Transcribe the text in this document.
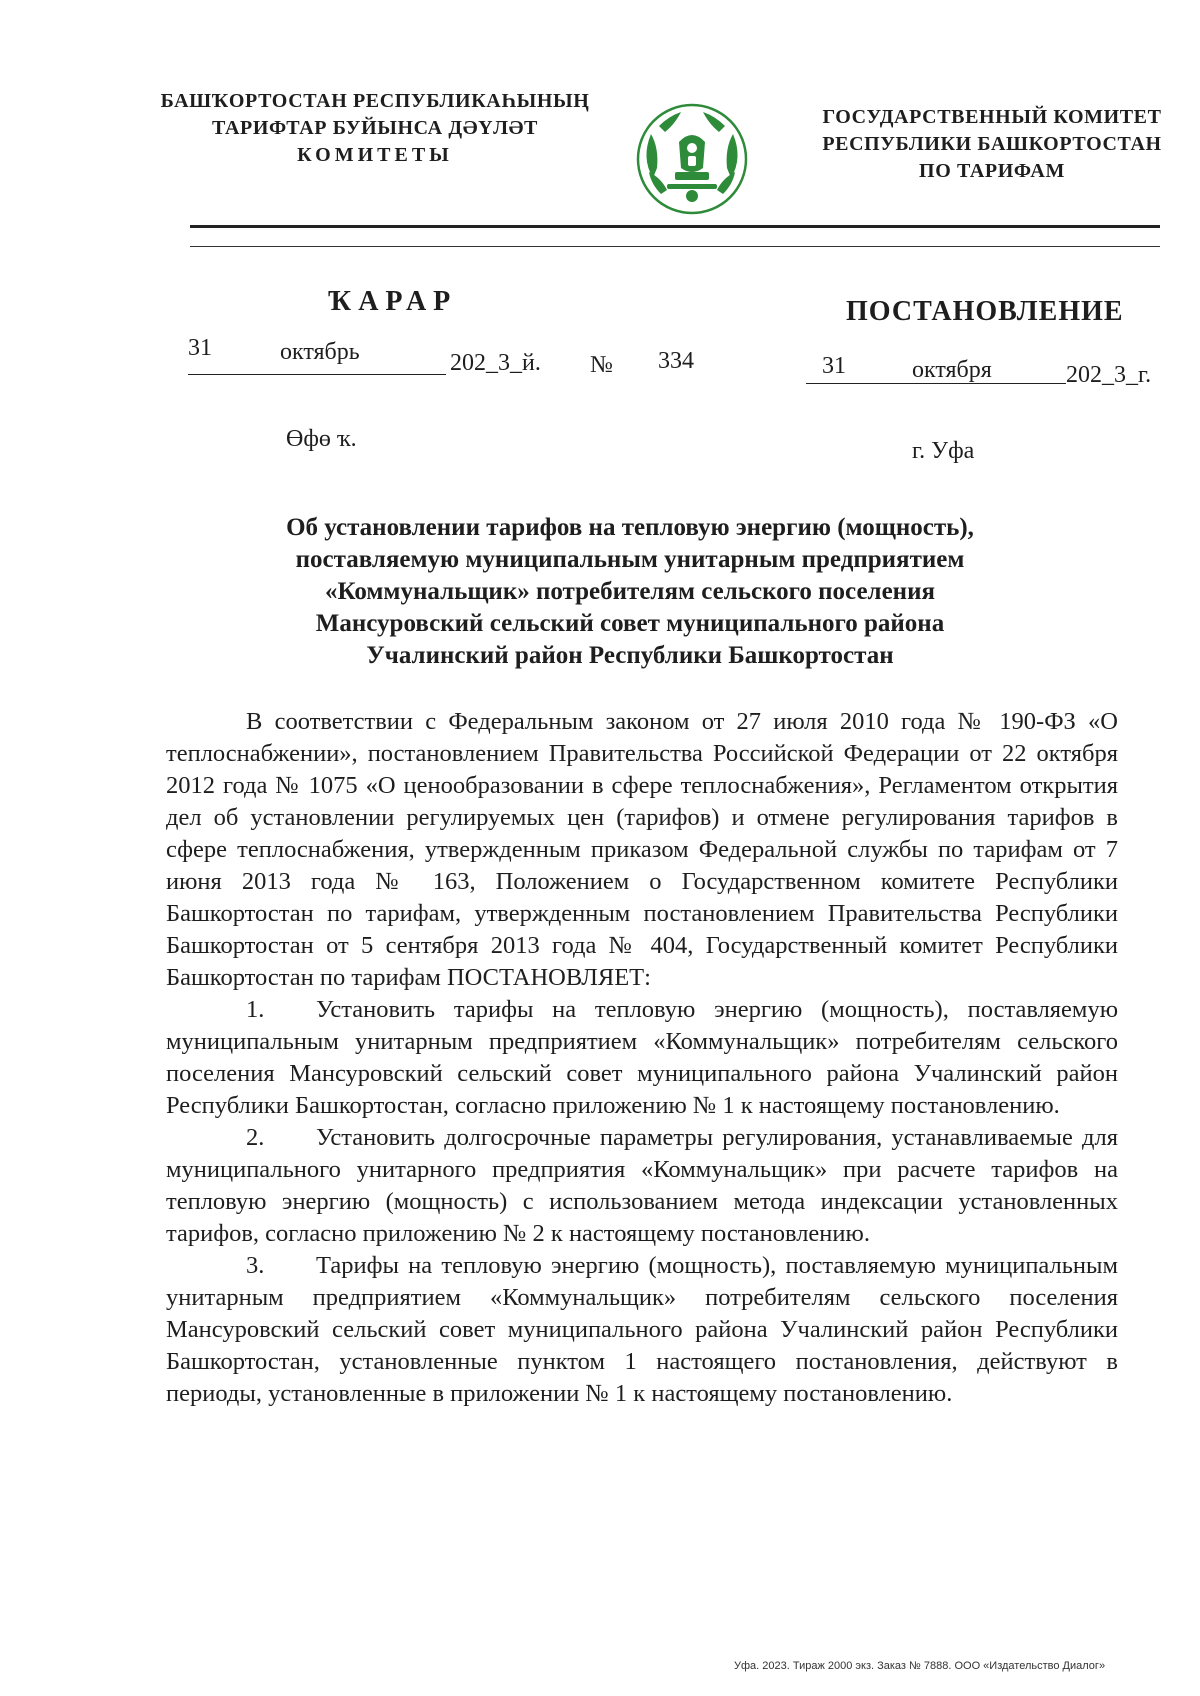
БАШҠОРТОСТАН РЕСПУБЛИКАҺЫНЫҢ
ТАРИФТАР БУЙЫНСА ДӘҮЛӘТ
КОМИТЕТЫ
ГОСУДАРСТВЕННЫЙ КОМИТЕТ
РЕСПУБЛИКИ БАШКОРТОСТАН
ПО ТАРИФАМ
ҠАРАР	ПОСТАНОВЛЕНИЕ
31	октябрь	202_3_й. № 334	31	октября	202_3_г.
Өфө ҡ.	г. Уфа
Об установлении тарифов на тепловую энергию (мощность),
поставляемую муниципальным унитарным предприятием
«Коммунальщик» потребителям сельского поселения
Мансуровский сельский совет муниципального района
Учалинский район Республики Башкортостан

В соответствии с Федеральным законом от 27 июля 2010 года № 190-ФЗ «О теплоснабжении», постановлением Правительства Российской Федерации от 22 октября 2012 года № 1075 «О ценообразовании в сфере теплоснабжения», Регламентом открытия дел об установлении регулируемых цен (тарифов) и отмене регулирования тарифов в сфере теплоснабжения, утвержденным приказом Федеральной службы по тарифам от 7 июня 2013 года № 163, Положением о Государственном комитете Республики Башкортостан по тарифам, утвержденным постановлением Правительства Республики Башкортостан от 5 сентября 2013 года № 404, Государственный комитет Республики Башкортостан по тарифам ПОСТАНОВЛЯЕТ:

1. Установить тарифы на тепловую энергию (мощность), поставляемую муниципальным унитарным предприятием «Коммунальщик» потребителям сельского поселения Мансуровский сельский совет муниципального района Учалинский район Республики Башкортостан, согласно приложению № 1 к настоящему постановлению.

2. Установить долгосрочные параметры регулирования, устанавливаемые для муниципального унитарного предприятия «Коммунальщик» при расчете тарифов на тепловую энергию (мощность) с использованием метода индексации установленных тарифов, согласно приложению № 2 к настоящему постановлению.

3. Тарифы на тепловую энергию (мощность), поставляемую муниципальным унитарным предприятием «Коммунальщик» потребителям сельского поселения Мансуровский сельский совет муниципального района Учалинский район Республики Башкортостан, установленные пунктом 1 настоящего постановления, действуют в периоды, установленные в приложении № 1 к настоящему постановлению.

Уфа. 2023. Тираж 2000 экз. Заказ № 7888. ООО «Издательство Диалог»
